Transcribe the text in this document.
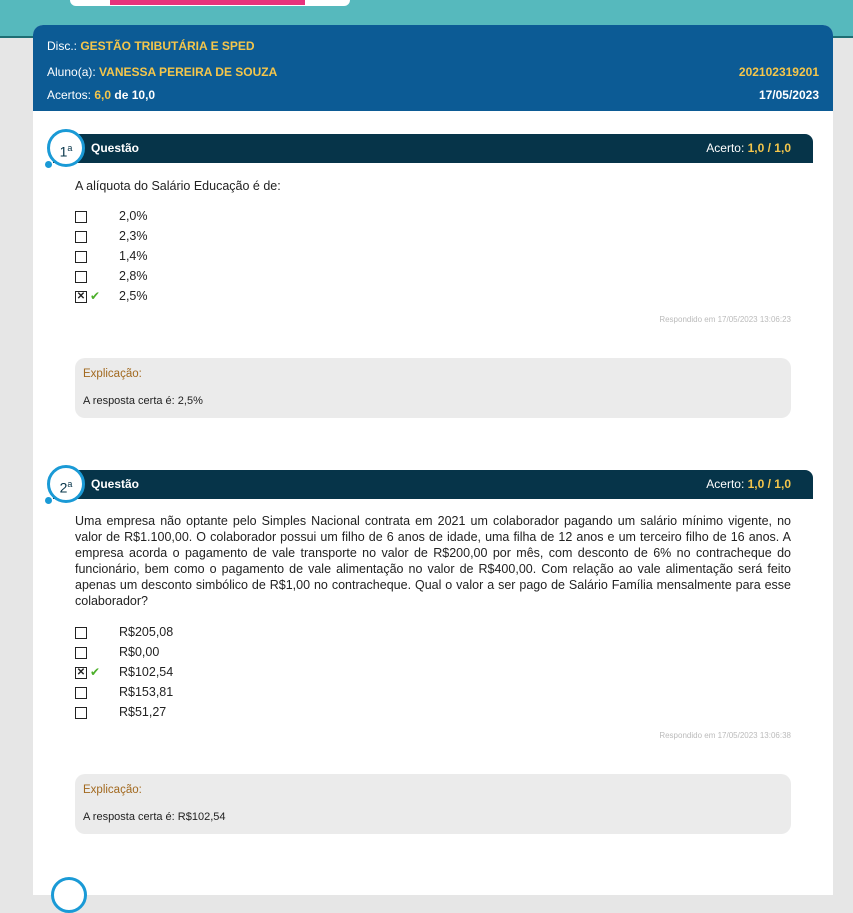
Disc.: GESTÃO TRIBUTÁRIA E SPED
Aluno(a): VANESSA PEREIRA DE SOUZA	202102319201
Acertos: 6,0 de 10,0	17/05/2023
Questão	Acerto: 1,0 / 1,0
1$^a$
A alíquota do Salário Educação é de:
2,0%
2,3%
1,4%
2,8%
✕ ✔ 2,5%
Respondido em 17/05/2023 13:06:23
Explicação:
A resposta certa é: 2,5%
Questão	Acerto: 1,0 / 1,0
2$^a$
Uma empresa não optante pelo Simples Nacional contrata em 2021 um colaborador pagando um salário mínimo vigente, no valor de R$1.100,00. O colaborador possui um filho de 6 anos de idade, uma filha de 12 anos e um terceiro filho de 16 anos. A empresa acorda o pagamento de vale transporte no valor de R$200,00 por mês, com desconto de 6% no contracheque do funcionário, bem como o pagamento de vale alimentação no valor de R$400,00. Com relação ao vale alimentação será feito apenas um desconto simbólico de R$1,00 no contracheque. Qual o valor a ser pago de Salário Família mensalmente para esse colaborador?
R$205,08
R$0,00
✕ ✔ R$102,54
R$153,81
R$51,27
Respondido em 17/05/2023 13:06:38
Explicação:
A resposta certa é: R$102,54
